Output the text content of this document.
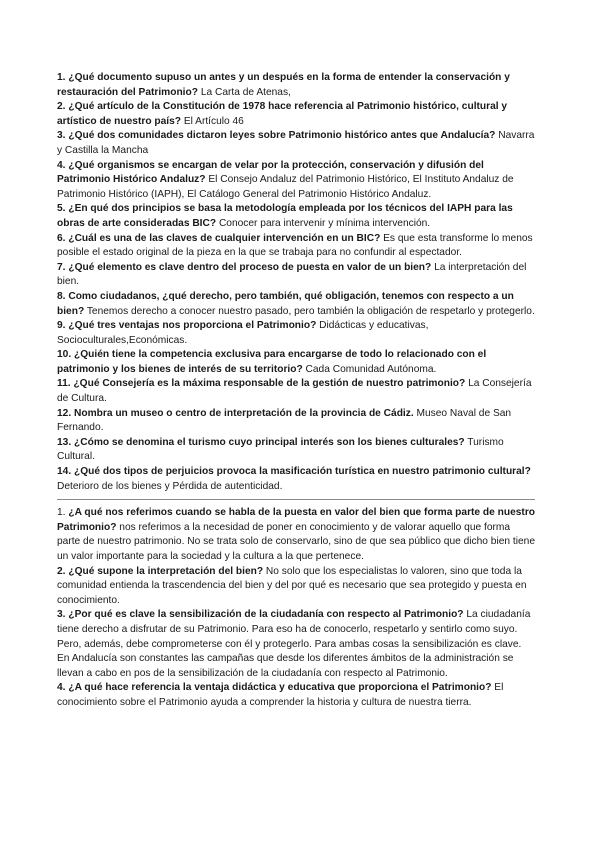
1. ¿Qué documento supuso un antes y un después en la forma de entender la conservación y restauración del Patrimonio? La Carta de Atenas,

2. ¿Qué artículo de la Constitución de 1978 hace referencia al Patrimonio histórico, cultural y artístico de nuestro país? El Artículo 46

3. ¿Qué dos comunidades dictaron leyes sobre Patrimonio histórico antes que Andalucía? Navarra y Castilla la Mancha

4. ¿Qué organismos se encargan de velar por la protección, conservación y difusión del Patrimonio Histórico Andaluz? El Consejo Andaluz del Patrimonio Histórico, El Instituto Andaluz de Patrimonio Histórico (IAPH), El Catálogo General del Patrimonio Histórico Andaluz.

5. ¿En qué dos principios se basa la metodología empleada por los técnicos del IAPH para las obras de arte consideradas BIC? Conocer para intervenir y mínima intervención.

6. ¿Cuál es una de las claves de cualquier intervención en un BIC? Es que esta transforme lo menos posible el estado original de la pieza en la que se trabaja para no confundir al espectador.

7. ¿Qué elemento es clave dentro del proceso de puesta en valor de un bien? La interpretación del bien.

8. Como ciudadanos, ¿qué derecho, pero también, qué obligación, tenemos con respecto a un bien? Tenemos derecho a conocer nuestro pasado, pero también la obligación de respetarlo y protegerlo.

9. ¿Qué tres ventajas nos proporciona el Patrimonio? Didácticas y educativas, Socioculturales,Económicas.

10. ¿Quién tiene la competencia exclusiva para encargarse de todo lo relacionado con el patrimonio y los bienes de interés de su territorio? Cada Comunidad Autónoma.

11. ¿Qué Consejería es la máxima responsable de la gestión de nuestro patrimonio? La Consejería de Cultura.

12. Nombra un museo o centro de interpretación de la provincia de Cádiz. Museo Naval de San Fernando.

13. ¿Cómo se denomina el turismo cuyo principal interés son los bienes culturales? Turismo Cultural.

14. ¿Qué dos tipos de perjuicios provoca la masificación turística en nuestro patrimonio cultural? Deterioro de los bienes y Pérdida de autenticidad.

1. ¿A qué nos referimos cuando se habla de la puesta en valor del bien que forma parte de nuestro Patrimonio? nos referimos a la necesidad de poner en conocimiento y de valorar aquello que forma parte de nuestro patrimonio. No se trata solo de conservarlo, sino de que sea público que dicho bien tiene un valor importante para la sociedad y la cultura a la que pertenece.

2. ¿Qué supone la interpretación del bien? No solo que los especialistas lo valoren, sino que toda la comunidad entienda la trascendencia del bien y del por qué es necesario que sea protegido y puesta en conocimiento.

3. ¿Por qué es clave la sensibilización de la ciudadanía con respecto al Patrimonio? La ciudadanía tiene derecho a disfrutar de su Patrimonio. Para eso ha de conocerlo, respetarlo y sentirlo como suyo. Pero, además, debe comprometerse con él y protegerlo. Para ambas cosas la sensibilización es clave. En Andalucía son constantes las campañas que desde los diferentes ámbitos de la administración se llevan a cabo en pos de la sensibilización de la ciudadanía con respecto al Patrimonio.

4. ¿A qué hace referencia la ventaja didáctica y educativa que proporciona el Patrimonio? El conocimiento sobre el Patrimonio ayuda a comprender la historia y cultura de nuestra tierra.
